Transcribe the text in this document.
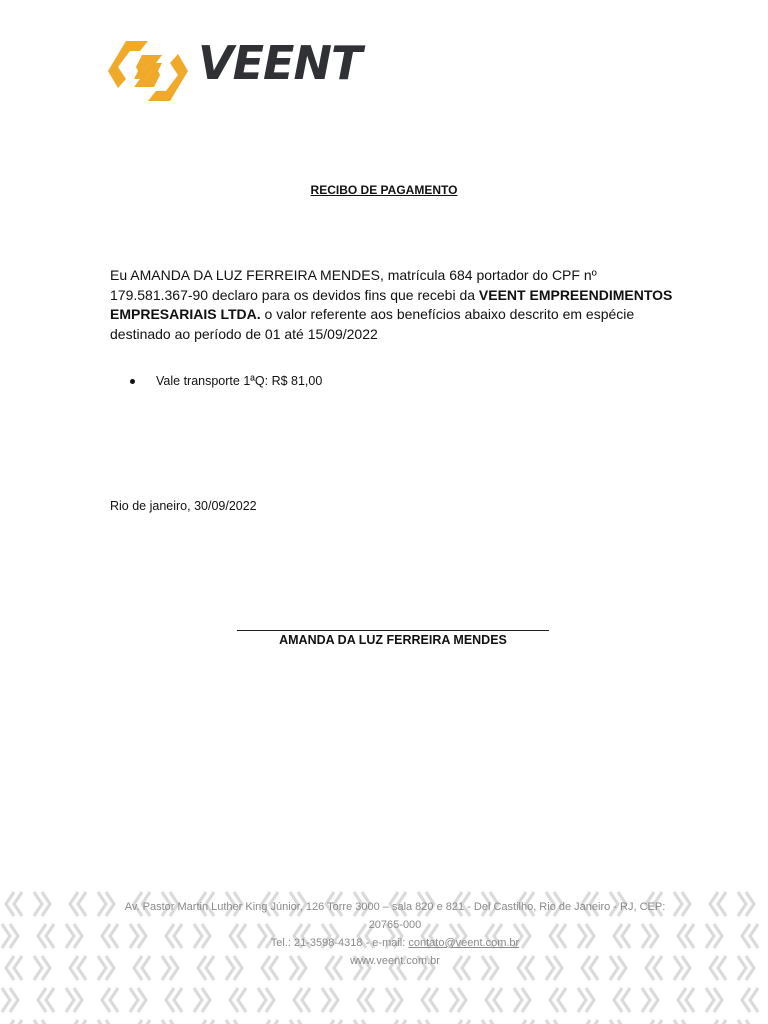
VEENT
RECIBO DE PAGAMENTO
Eu AMANDA DA LUZ FERREIRA MENDES, matrícula 684 portador do CPF nº 179.581.367-90 declaro para os devidos fins que recebi da VEENT EMPREENDIMENTOS EMPRESARIAIS LTDA. o valor referente aos benefícios abaixo descrito em espécie destinado ao período de 01 até 15/09/2022
Vale transporte 1ªQ: R$ 81,00
Rio de janeiro, 30/09/2022
AMANDA DA LUZ FERREIRA MENDES
Av. Pastor Martin Luther King Júnior, 126 Torre 3000 – sala 820 e 821 - Del Castilho, Rio de Janeiro - RJ, CEP:
20765-000
Tel.: 21-3598-4318 - e-mail: contato@veent.com.br
www.veent.com.br
